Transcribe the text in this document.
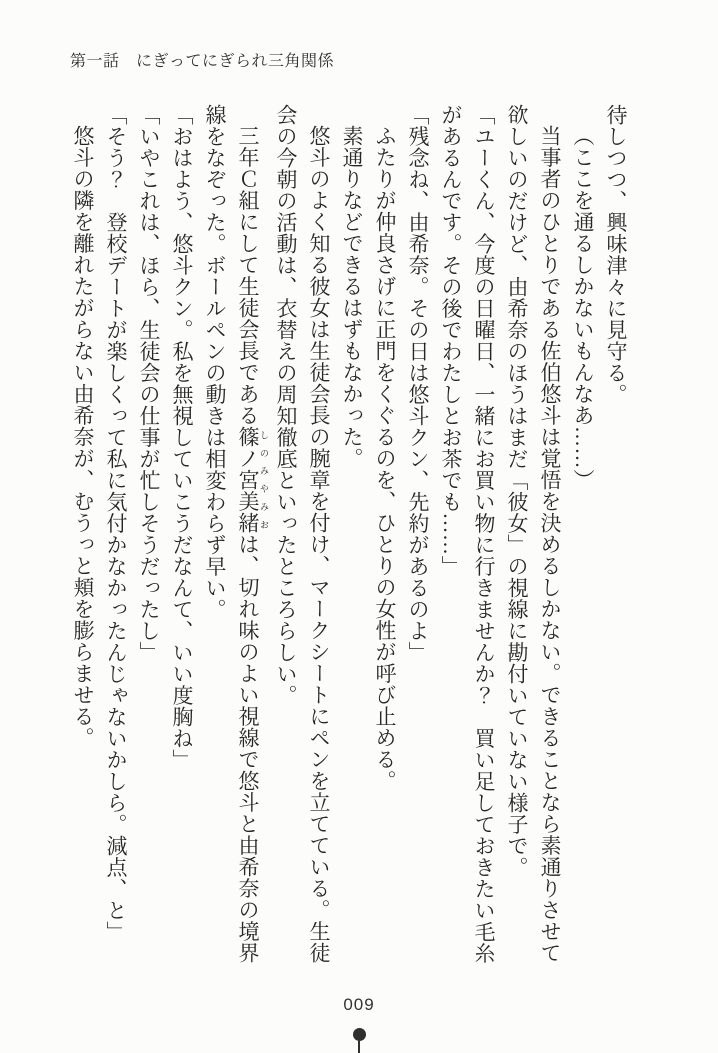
第一話　にぎってにぎられ三角関係

待しつつ、興味津々に見守る。

（ここを通るしかないもんなあ……）

当事者のひとりである佐伯悠斗は覚悟を決めるしかない。できることなら素通りさせて欲しいのだけど、由希奈のほうはまだ「彼女」の視線に勘付いていない様子で。

「ユーくん、今度の日曜日、一緒にお買い物に行きませんか？　買い足しておきたい毛糸があるんです。その後でわたしとお茶でも……」

「残念ね、由希奈。その日は悠斗クン、先約があるのよ」

ふたりが仲良さげに正門をくぐるのを、ひとりの女性が呼び止める。

素通りなどできるはずもなかった。

悠斗のよく知る彼女は生徒会長の腕章を付け、マークシートにペンを立てている。生徒会の今朝の活動は、衣替えの周知徹底といったところらしい。

三年Ｃ組にして生徒会長である篠ノ宮美緒 しのみやみおは、切れ味のよい視線で悠斗と由希奈の境界線をなぞった。ボールペンの動きは相変わらず早い。

「おはよう、悠斗クン。私を無視していこうだなんて、いい度胸ね」

「いやこれは、ほら、生徒会の仕事が忙しそうだったし」

「そう？　登校デートが楽しくって私に気付かなかったんじゃないかしら。減点、と」

悠斗の隣を離れたがらない由希奈が、むうっと頬を膨らませる。

009
